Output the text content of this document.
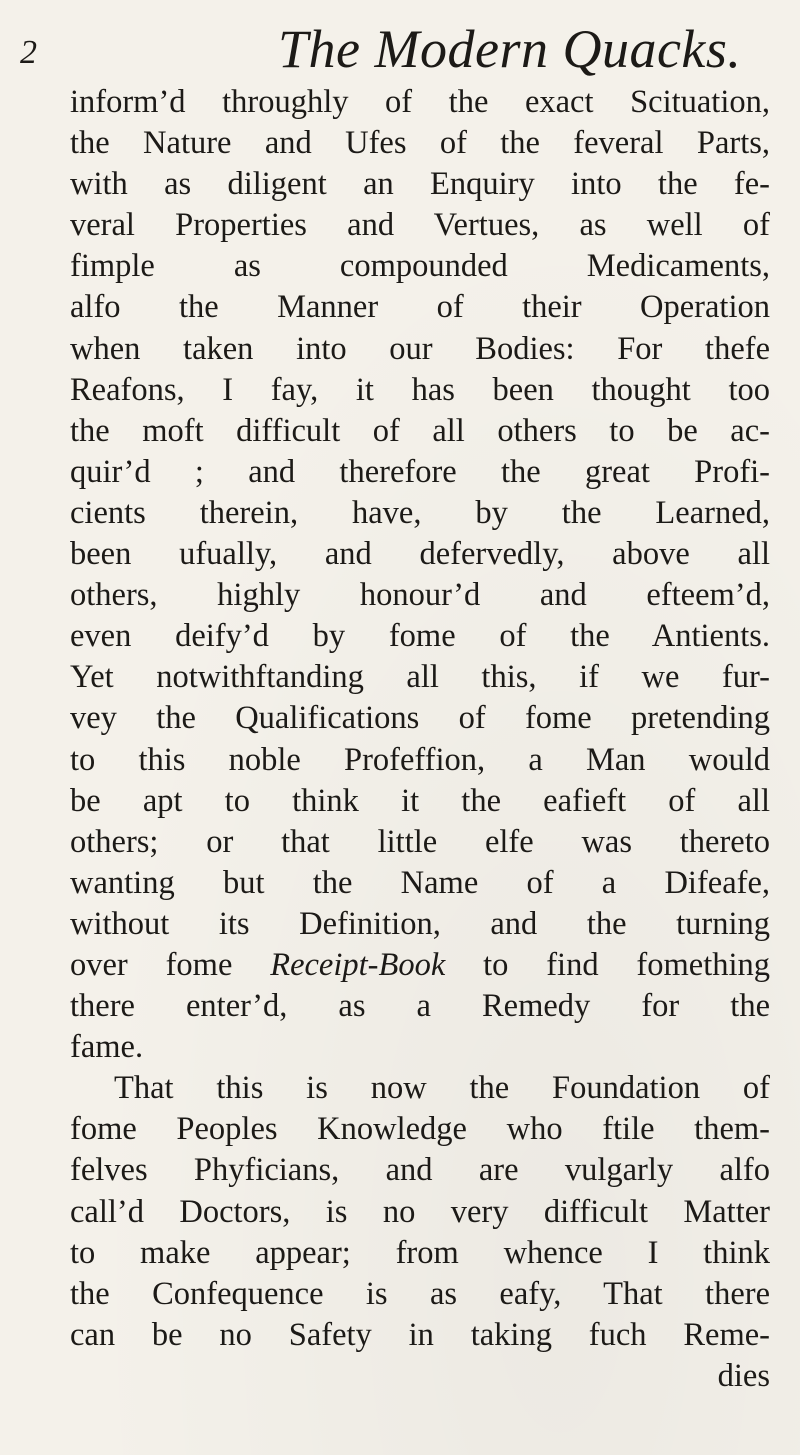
2	The Modern Quacks.
inform’d throughly of the exact Scituation,
the Nature and Ufes of the feveral Parts,
with as diligent an Enquiry into the fe-
veral Properties and Vertues, as well of
fimple as compounded Medicaments,
alfo the Manner of their Operation
when taken into our Bodies: For thefe
Reafons, I fay, it has been thought too
the moft difficult of all others to be ac-
quir’d ; and therefore the great Profi-
cients therein, have, by the Learned,
been ufually, and defervedly, above all
others, highly honour’d and efteem’d,
even deify’d by fome of the Antients.
Yet notwithftanding all this, if we fur-
vey the Qualifications of fome pretending
to this noble Profeffion, a Man would
be apt to think it the eafieft of all
others; or that little elfe was thereto
wanting but the Name of a Difeafe,
without its Definition, and the turning
over fome Receipt-Book to find fomething
there enter’d, as a Remedy for the
fame.
That this is now the Foundation of
fome Peoples Knowledge who ftile them-
felves Phyficians, and are vulgarly alfo
call’d Doctors, is no very difficult Matter
to make appear; from whence I think
the Confequence is as eafy, That there
can be no Safety in taking fuch Reme-
dies
